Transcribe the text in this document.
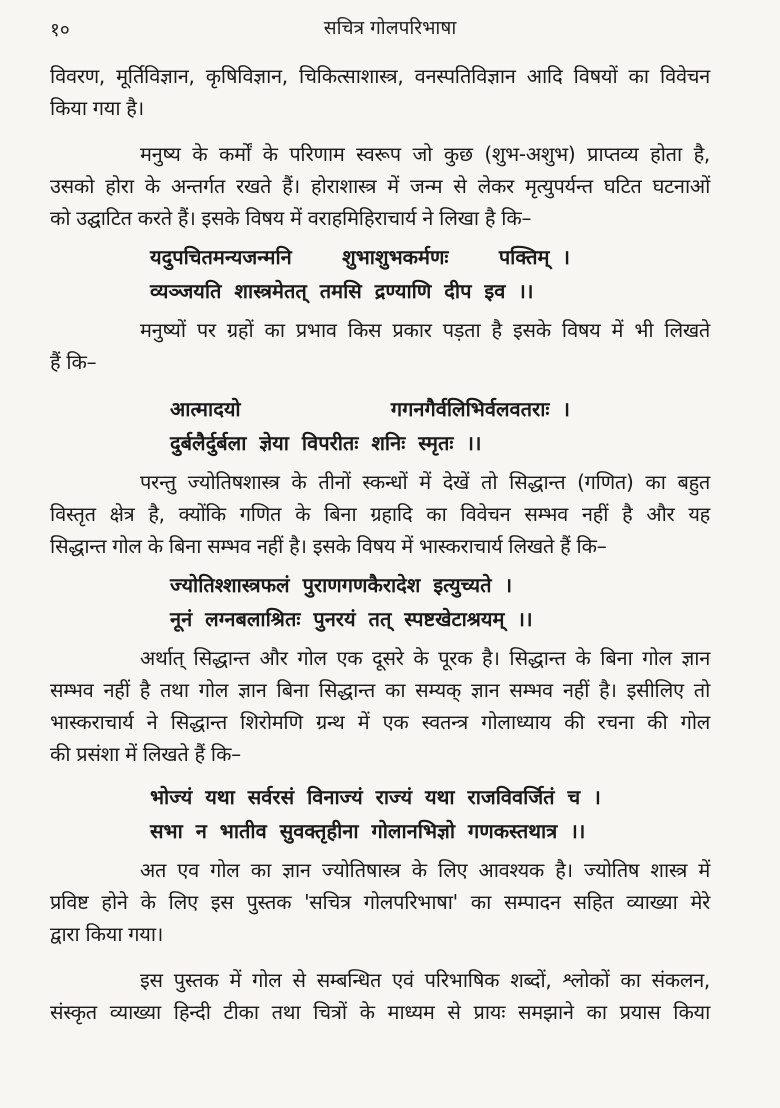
१०	सचित्र गोलपरिभाषा
विवरण, मूर्तिविज्ञान, कृषिविज्ञान, चिकित्साशास्त्र, वनस्पतिविज्ञान आदि विषयों का विवेचन
किया गया है।
मनुष्य के कर्मों के परिणाम स्वरूप जो कुछ (शुभ-अशुभ) प्राप्तव्य होता है,
उसको होरा के अन्तर्गत रखते हैं। होराशास्त्र में जन्म से लेकर मृत्युपर्यन्त घटित घटनाओं
को उद्घाटित करते हैं। इसके विषय में वराहमिहिराचार्य ने लिखा है कि–
यदुपचितमन्यजन्मनि	शुभाशुभकर्मणः	पक्तिम् ।
व्यञ्जयति शास्त्रमेतत् तमसि द्रण्याणि दीप इव ।।
मनुष्यों पर ग्रहों का प्रभाव किस प्रकार पड़ता है इसके विषय में भी लिखते
हैं कि–
आत्मादयो	गगनगैर्वलिभिर्वलवतराः ।
दुर्बलैर्दुर्बला ज्ञेया विपरीतः शनिः स्मृतः ।।
परन्तु ज्योतिषशास्त्र के तीनों स्कन्धों में देखें तो सिद्धान्त (गणित) का बहुत
विस्तृत क्षेत्र है, क्योंकि गणित के बिना ग्रहादि का विवेचन सम्भव नहीं है और यह
सिद्धान्त गोल के बिना सम्भव नहीं है। इसके विषय में भास्कराचार्य लिखते हैं कि–
ज्योतिश्शास्त्रफलं पुराणगणकैरादेश इत्युच्यते ।
नूनं लग्नबलाश्रितः पुनरयं तत् स्पष्टखेटाश्रयम् ।।
अर्थात् सिद्धान्त और गोल एक दूसरे के पूरक है। सिद्धान्त के बिना गोल ज्ञान
सम्भव नहीं है तथा गोल ज्ञान बिना सिद्धान्त का सम्यक् ज्ञान सम्भव नहीं है। इसीलिए तो
भास्कराचार्य ने सिद्धान्त शिरोमणि ग्रन्थ में एक स्वतन्त्र गोलाध्याय की रचना की गोल
की प्रसंशा में लिखते हैं कि–
भोज्यं यथा सर्वरसं विनाज्यं राज्यं यथा राजविवर्जितं च ।
सभा न भातीव सुवक्तृहीना गोलानभिज्ञो गणकस्तथात्र ।।
अत एव गोल का ज्ञान ज्योतिषास्त्र के लिए आवश्यक है। ज्योतिष शास्त्र में
प्रविष्ट होने के लिए इस पुस्तक 'सचित्र गोलपरिभाषा' का सम्पादन सहित व्याख्या मेरे
द्वारा किया गया।
इस पुस्तक में गोल से सम्बन्धित एवं परिभाषिक शब्दों, श्लोकों का संकलन,
संस्कृत व्याख्या हिन्दी टीका तथा चित्रों के माध्यम से प्रायः समझाने का प्रयास किया
